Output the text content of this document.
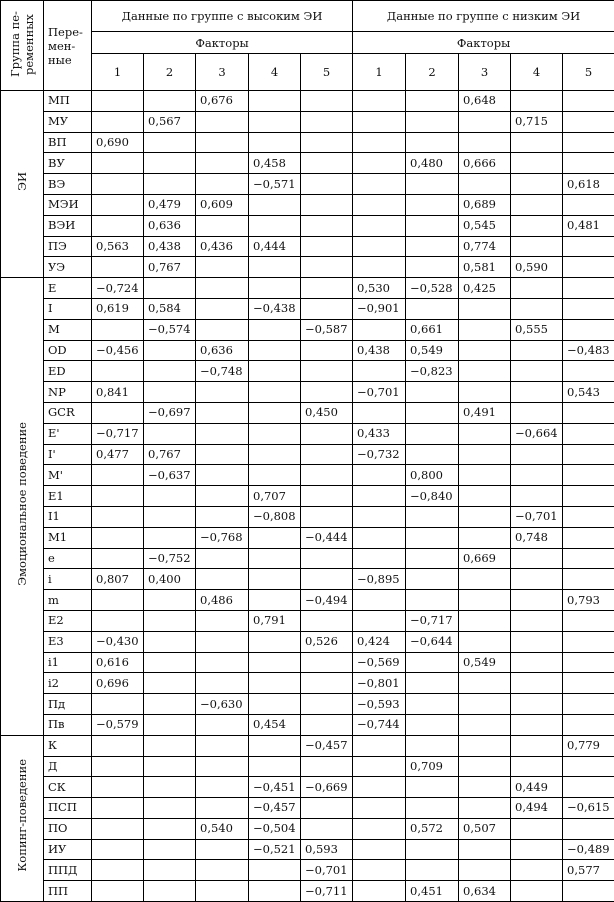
Группа пе-ременных	Пере-мен-ные	Данные по группе с высоким ЭИ					Данные по группе с низким ЭИ				
		Факторы					Факторы				
		1	2	3	4	5	1	2	3	4	5
ЭИ	МП			0,676					0,648		
	МУ		0,567							0,715	
	ВП	0,690									
	ВУ				0,458			0,480	0,666		
	ВЭ				−0,571						0,618
	МЭИ		0,479	0,609					0,689		
	ВЭИ		0,636						0,545		0,481
	ПЭ	0,563	0,438	0,436	0,444				0,774		
	УЭ		0,767						0,581	0,590	
Эмоциональное поведение	E	−0,724					0,530	−0,528	0,425		
	I	0,619	0,584		−0,438		−0,901				
	M		−0,574			−0,587		0,661		0,555	
	OD	−0,456		0,636			0,438	0,549			−0,483
	ED			−0,748				−0,823			
	NP	0,841					−0,701				0,543
	GCR		−0,697			0,450			0,491		
	E'	−0,717					0,433			−0,664	
	I'	0,477	0,767				−0,732				
	M'		−0,637					0,800			
	E1				0,707			−0,840			
	I1				−0,808					−0,701	
	M1			−0,768		−0,444				0,748	
	e		−0,752						0,669		
	i	0,807	0,400				−0,895				
	m			0,486		−0,494					0,793
	E2				0,791			−0,717			
	E3	−0,430				0,526	0,424	−0,644			
	i1	0,616					−0,569		0,549		
	i2	0,696					−0,801				
	Пд			−0,630			−0,593				
	Пв	−0,579			0,454		−0,744				
Копинг-поведение	К					−0,457					0,779
	Д							0,709			
	СК				−0,451	−0,669				0,449	
	ПСП				−0,457					0,494	−0,615
	ПО			0,540	−0,504			0,572	0,507		
	ИУ				−0,521	0,593					−0,489
	ППД					−0,701					0,577
	ПП					−0,711		0,451	0,634		
